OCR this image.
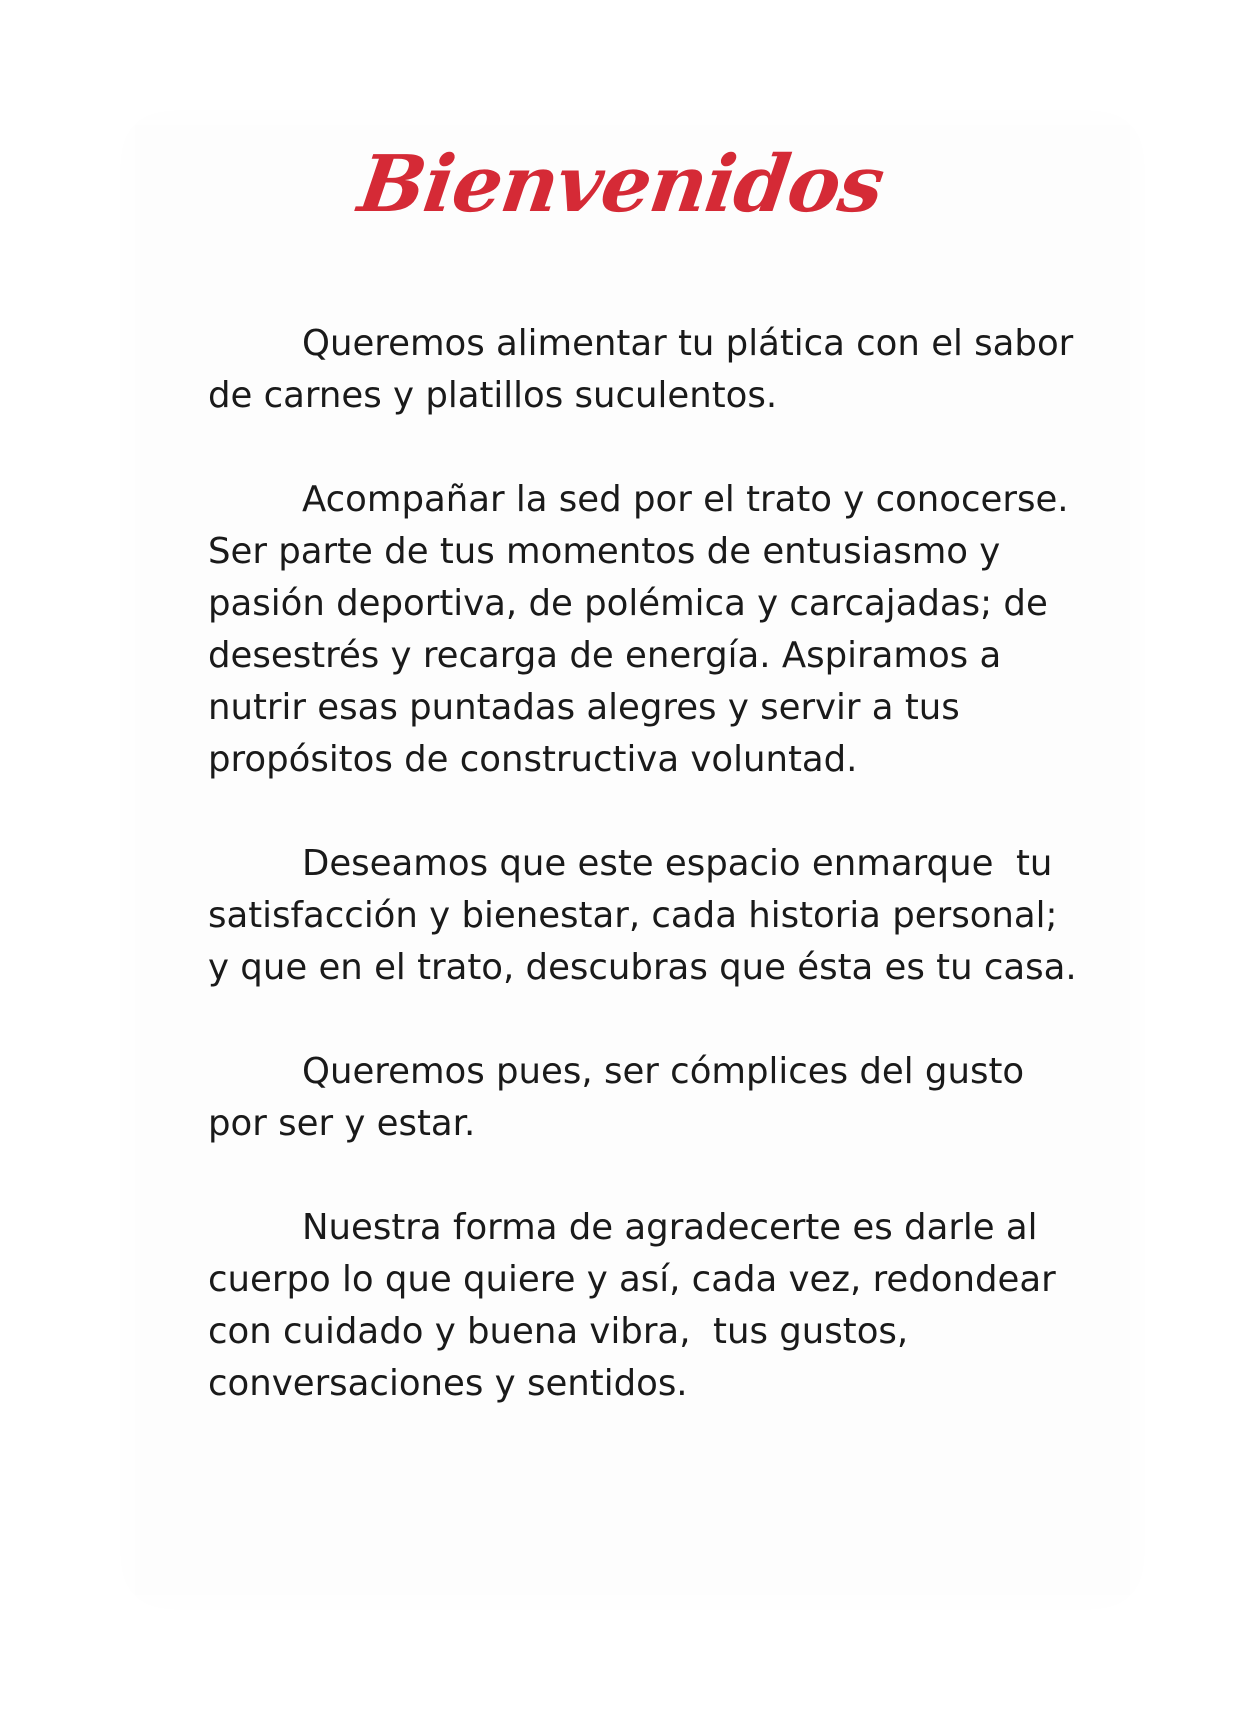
Bienvenidos

Queremos alimentar tu plática con el sabor
de carnes y platillos suculentos.

Acompañar la sed por el trato y conocerse.
Ser parte de tus momentos de entusiasmo y
pasión deportiva, de polémica y carcajadas; de
desestrés y recarga de energía. Aspiramos a
nutrir esas puntadas alegres y servir a tus
propósitos de constructiva voluntad.

Deseamos que este espacio enmarque  tu
satisfacción y bienestar, cada historia personal;
y que en el trato, descubras que ésta es tu casa.

Queremos pues, ser cómplices del gusto
por ser y estar.

Nuestra forma de agradecerte es darle al
cuerpo lo que quiere y así, cada vez, redondear
con cuidado y buena vibra,  tus gustos,
conversaciones y sentidos.
